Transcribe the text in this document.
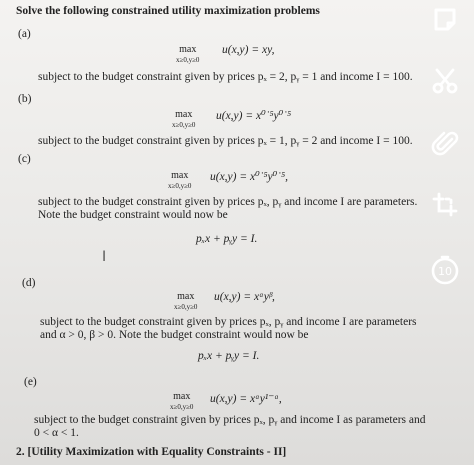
Solve the following constrained utility maximization problems
(a)
max
x≥0,y≥0
u(x,y) = xy,
subject to the budget constraint given by prices pₓ = 2, pᵧ = 1 and income I = 100.
(b)
max
x≥0,y≥0
u(x,y) = x⁰˙⁵y⁰˙⁵
subject to the budget constraint given by prices pₓ = 1, pᵧ = 2 and income I = 100.
(c)
max
x≥0,y≥0
u(x,y) = x⁰˙⁵y⁰˙⁵,
subject to the budget constraint given by prices pₓ, pᵧ and income I are parameters.
Note the budget constraint would now be
pₓx + pᵧy = I.
I
(d)
max
x≥0,y≥0
u(x,y) = xᵅyᵝ,
subject to the budget constraint given by prices pₓ, pᵧ and income I are parameters
and α > 0, β > 0. Note the budget constraint would now be
pₓx + pᵧy = I.
(e)
max
x≥0,y≥0
u(x,y) = xᵅy¹⁻ᵅ,
subject to the budget constraint given by prices pₓ, pᵧ and income I as parameters and
0 < α < 1.
2. [Utility Maximization with Equality Constraints - II]
10
